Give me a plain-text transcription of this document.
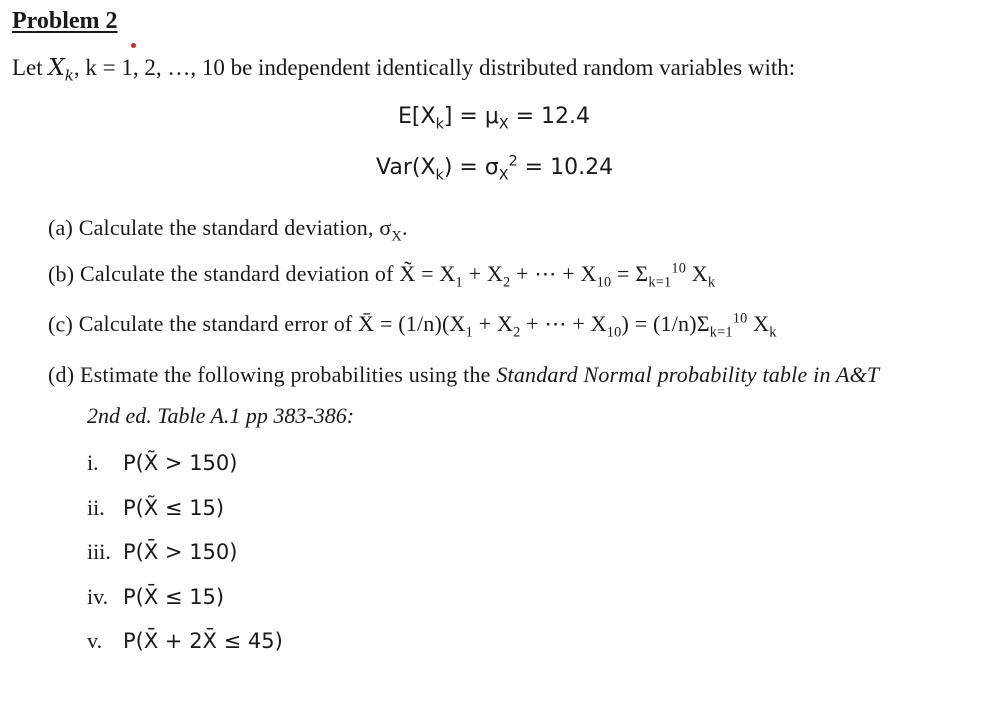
Problem 2
Let $X_k$, k = 1, 2, …, 10 be independent identically distributed random variables with:
$E[X_k] = \mu_X = 12.4$
$Var(X_k) = \sigma_X^2 = 10.24$
(a) Calculate the standard deviation, $\sigma_X$.
(b) Calculate the standard deviation of X̃ = $X_1 + X_2$ + ⋯ + $X_{10} = \Sigma_{k=1}^{10}$ $X_k$
(c) Calculate the standard error of X̄ = $(1/n)(X_1 + X_2$ + ⋯ + $X_{10}) = (1/n)\Sigma_{k=1}^{10}$ $X_k$
(d) Estimate the following probabilities using the Standard Normal probability table in A&T
2nd ed. Table A.1 pp 383-386:
i. P(X̃ > 150)
ii. P(X̃ ≤ 15)
iii. P(X̄ > 150)
iv. P(X̄ ≤ 15)
v. P(X̄ + 2X̄ ≤ 45)
